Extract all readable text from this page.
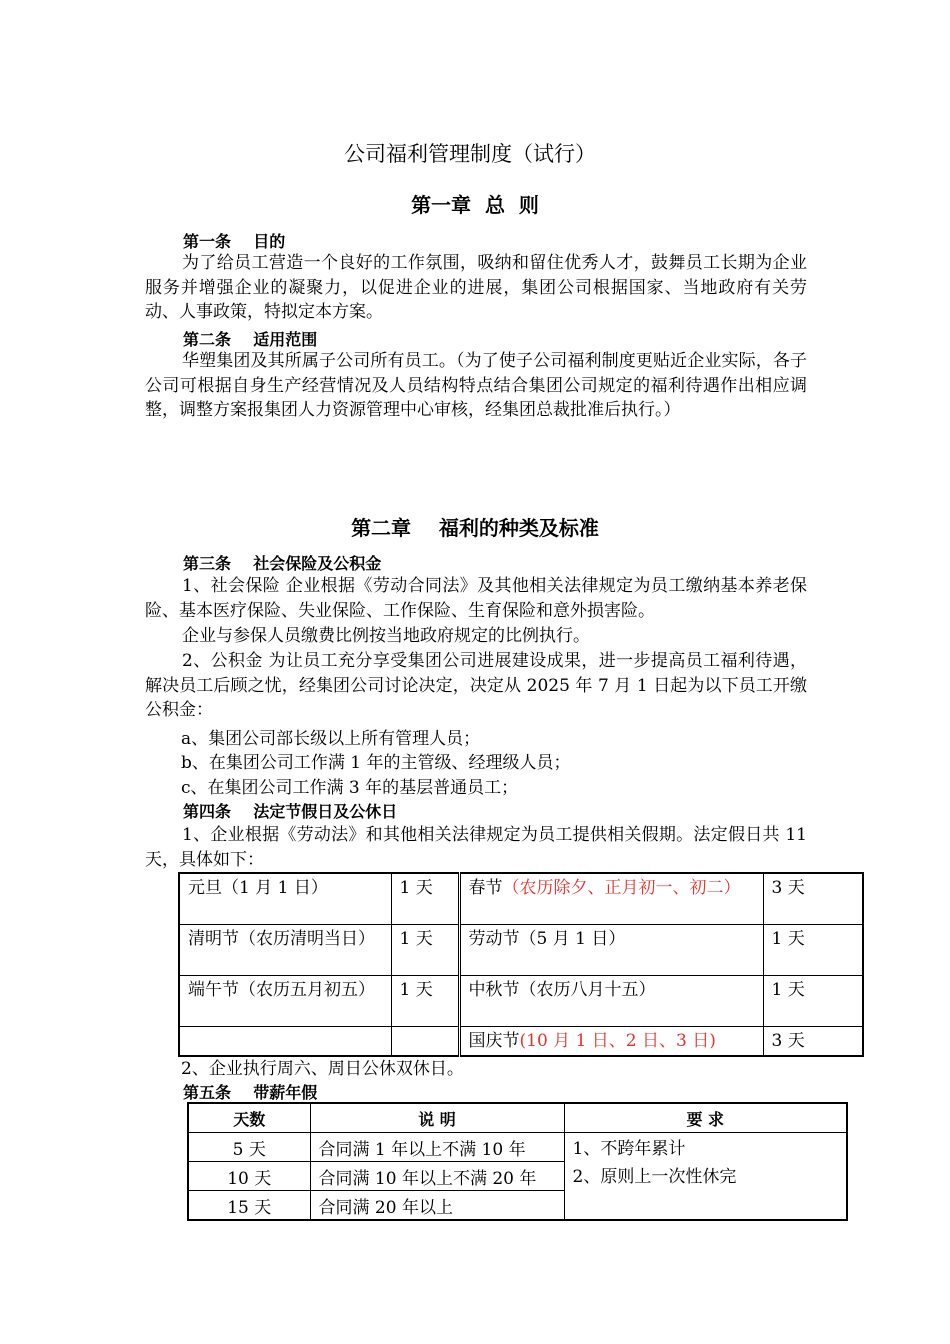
公司福利管理制度（试行）
第一章  总  则
第一条    目的

为了给员工营造一个良好的工作氛围，吸纳和留住优秀人才，鼓舞员工长期为企业服务并增强企业的凝聚力，以促进企业的进展，集团公司根据国家、当地政府有关劳动、人事政策，特拟定本方案。

第二条    适用范围

华塑集团及其所属子公司所有员工。（为了使子公司福利制度更贴近企业实际，各子公司可根据自身生产经营情况及人员结构特点结合集团公司规定的福利待遇作出相应调整，调整方案报集团人力资源管理中心审核，经集团总裁批准后执行。）

第二章    福利的种类及标准
第三条    社会保险及公积金

1、社会保险 企业根据《劳动合同法》及其他相关法律规定为员工缴纳基本养老保险、基本医疗保险、失业保险、工作保险、生育保险和意外损害险。

企业与参保人员缴费比例按当地政府规定的比例执行。

2、公积金 为让员工充分享受集团公司进展建设成果，进一步提高员工福利待遇，解决员工后顾之忧，经集团公司讨论决定，决定从 2025 年 7 月 1 日起为以下员工开缴公积金：

a、集团公司部长级以上所有管理人员；
b、在集团公司工作满 1 年的主管级、经理级人员；
c、在集团公司工作满 3 年的基层普通员工；
第四条    法定节假日及公休日

1、企业根据《劳动法》和其他相关法律规定为员工提供相关假期。法定假日共 11 天，具体如下：

元旦（1 月 1 日）	1 天	春节（农历除夕、正月初一、初二）	3 天
清明节（农历清明当日）	1 天	劳动节（5 月 1 日）	1 天
端午节（农历五月初五）	1 天	中秋节（农历八月十五）	1 天
		国庆节(10 月 1 日、2 日、3 日)	3 天
2、企业执行周六、周日公休双休日。
第五条    带薪年假
天数	说 明	要 求
5 天	合同满 1 年以上不满 10 年	1、不跨年累计
2、原则上一次性休完

10 天	合同满 10 年以上不满 20 年	
15 天	合同满 20 年以上	
